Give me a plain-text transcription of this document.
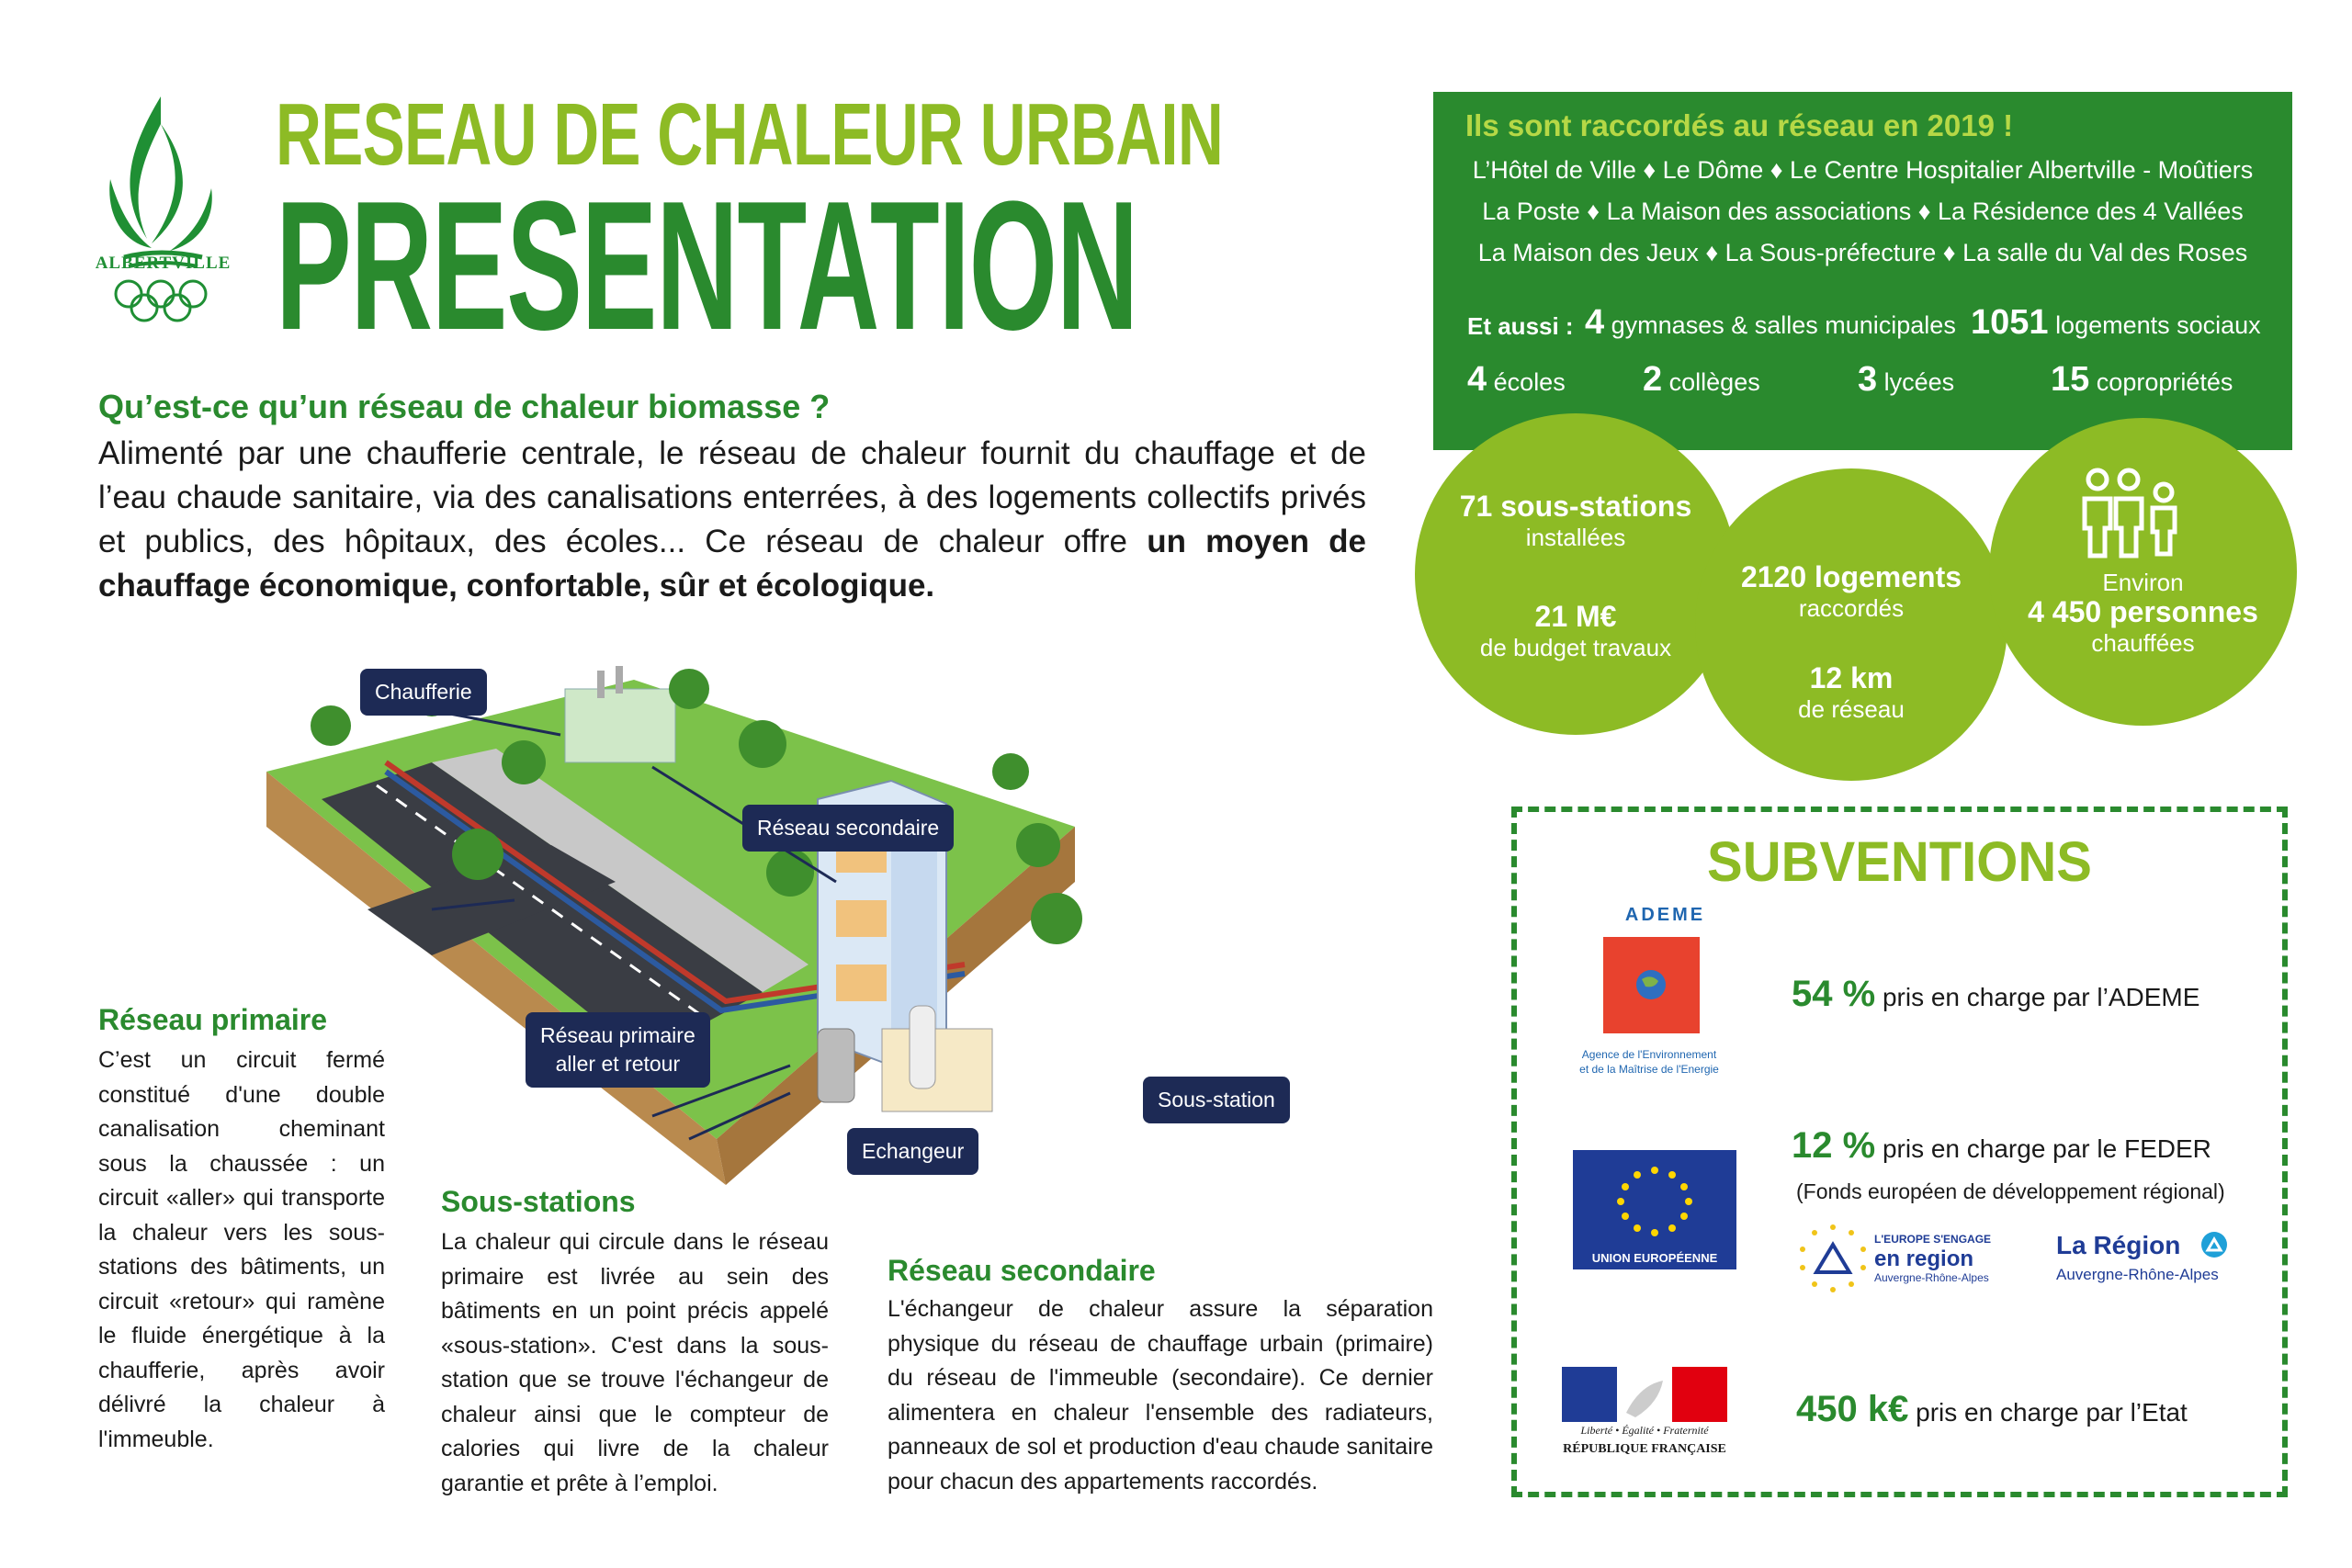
ALBERTVILLE
RESEAU DE CHALEUR URBAIN
PRESENTATION
Qu’est-ce qu’un réseau de chaleur biomasse ?
Alimenté par une chaufferie centrale, le réseau de chaleur fournit du chauffage et de l’eau chaude sanitaire, via des canalisations enterrées, à des logements collectifs privés et publics, des hôpitaux, des écoles... Ce réseau de chaleur offre un moyen de chauffage économique, confortable, sûr et écologique.
Chaufferie
Réseau secondaire
Réseau primaire
aller et retour
Sous-station
Echangeur
Réseau primaire
C’est un circuit fermé constitué d'une double canalisation cheminant sous la chaussée : un circuit «aller» qui transporte la chaleur vers les sous-stations des bâtiments, un circuit «retour» qui ramène le fluide énergétique à la chaufferie, après avoir délivré la chaleur à l'immeuble.
Sous-stations
La chaleur qui circule dans le réseau primaire est livrée au sein des bâtiments en un point précis appelé «sous-station». C'est dans la sous-station que se trouve l'échangeur de chaleur ainsi que le compteur de calories qui livre de la chaleur garantie et prête à l’emploi.
Réseau secondaire
L'échangeur de chaleur assure la séparation physique du réseau de chauffage urbain (primaire) du réseau de l'immeuble (secondaire). Ce dernier alimentera en chaleur l'ensemble des radiateurs, panneaux de sol et production d'eau chaude sanitaire pour chacun des appartements raccordés.
Ils sont raccordés au réseau en 2019 !
L’Hôtel de Ville ♦ Le Dôme ♦ Le Centre Hospitalier Albertville - Moûtiers
La Poste ♦ La Maison des associations ♦ La Résidence des 4 Vallées
La Maison des Jeux ♦ La Sous-préfecture ♦ La salle du Val des Roses
Et aussi : 4 gymnases & salles municipales 1051 logements sociaux
4 écoles 2 collèges	3 lycées	15 copropriétés
71 sous-stations
installées
21 M€
de budget travaux
2120 logements
raccordés
12 km
de réseau
Environ
4 450 personnes
chauffées
SUBVENTIONS
ADEME
Agence de l'Environnement
et de la Maîtrise de l'Energie
54 % pris en charge par l’ADEME
UNION EUROPÉENNE
12 % pris en charge par le FEDER
(Fonds européen de développement régional)
L'EUROPE S'ENGAGE
en region
Auvergne-Rhône-Alpes
La Région
Auvergne-Rhône-Alpes
Liberté • Égalité • Fraternité
RÉPUBLIQUE FRANÇAISE
450 k€ pris en charge par l’Etat
